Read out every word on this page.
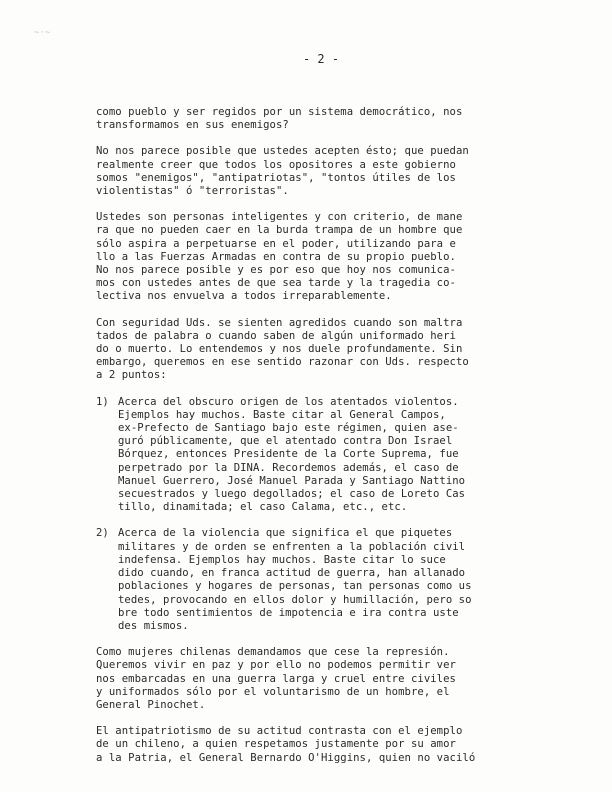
~·~
- 2 -

como pueblo y ser regidos por un sistema democrático, nos
transformamos en sus enemigos?

No nos parece posible que ustedes acepten ésto; que puedan
realmente creer que todos los opositores a este gobierno
somos "enemigos", "antipatriotas", "tontos útiles de los
violentistas" ó "terroristas".

Ustedes son personas inteligentes y con criterio, de mane
ra que no pueden caer en la burda trampa de un hombre que
sólo aspira a perpetuarse en el poder, utilizando para e
llo a las Fuerzas Armadas en contra de su propio pueblo.
No nos parece posible y es por eso que hoy nos comunica-
mos con ustedes antes de que sea tarde y la tragedia co-
lectiva nos envuelva a todos irreparablemente.

Con seguridad Uds. se sienten agredidos cuando son maltra
tados de palabra o cuando saben de algún uniformado heri
do o muerto. Lo entendemos y nos duele profundamente. Sin
embargo, queremos en ese sentido razonar con Uds. respecto
a 2 puntos:

1) Acerca del obscuro origen de los atentados violentos.
Ejemplos hay muchos. Baste citar al General Campos,
ex-Prefecto de Santiago bajo este régimen, quien ase-
guró públicamente, que el atentado contra Don Israel
Bórquez, entonces Presidente de la Corte Suprema, fue
perpetrado por la DINA. Recordemos además, el caso de
Manuel Guerrero, José Manuel Parada y Santiago Nattino
secuestrados y luego degollados; el caso de Loreto Cas
tillo, dinamitada; el caso Calama, etc., etc.
2) Acerca de la violencia que significa el que piquetes
militares y de orden se enfrenten a la población civil
indefensa. Ejemplos hay muchos. Baste citar lo suce
dido cuando, en franca actitud de guerra, han allanado
poblaciones y hogares de personas, tan personas como us
tedes, provocando en ellos dolor y humillación, pero so
bre todo sentimientos de impotencia e ira contra uste
des mismos.

Como mujeres chilenas demandamos que cese la represión.
Queremos vivir en paz y por ello no podemos permitir ver
nos embarcadas en una guerra larga y cruel entre civiles
y uniformados sólo por el voluntarismo de un hombre, el
General Pinochet.

El antipatriotismo de su actitud contrasta con el ejemplo
de un chileno, a quien respetamos justamente por su amor
a la Patria, el General Bernardo O'Higgins, quien no vaciló
